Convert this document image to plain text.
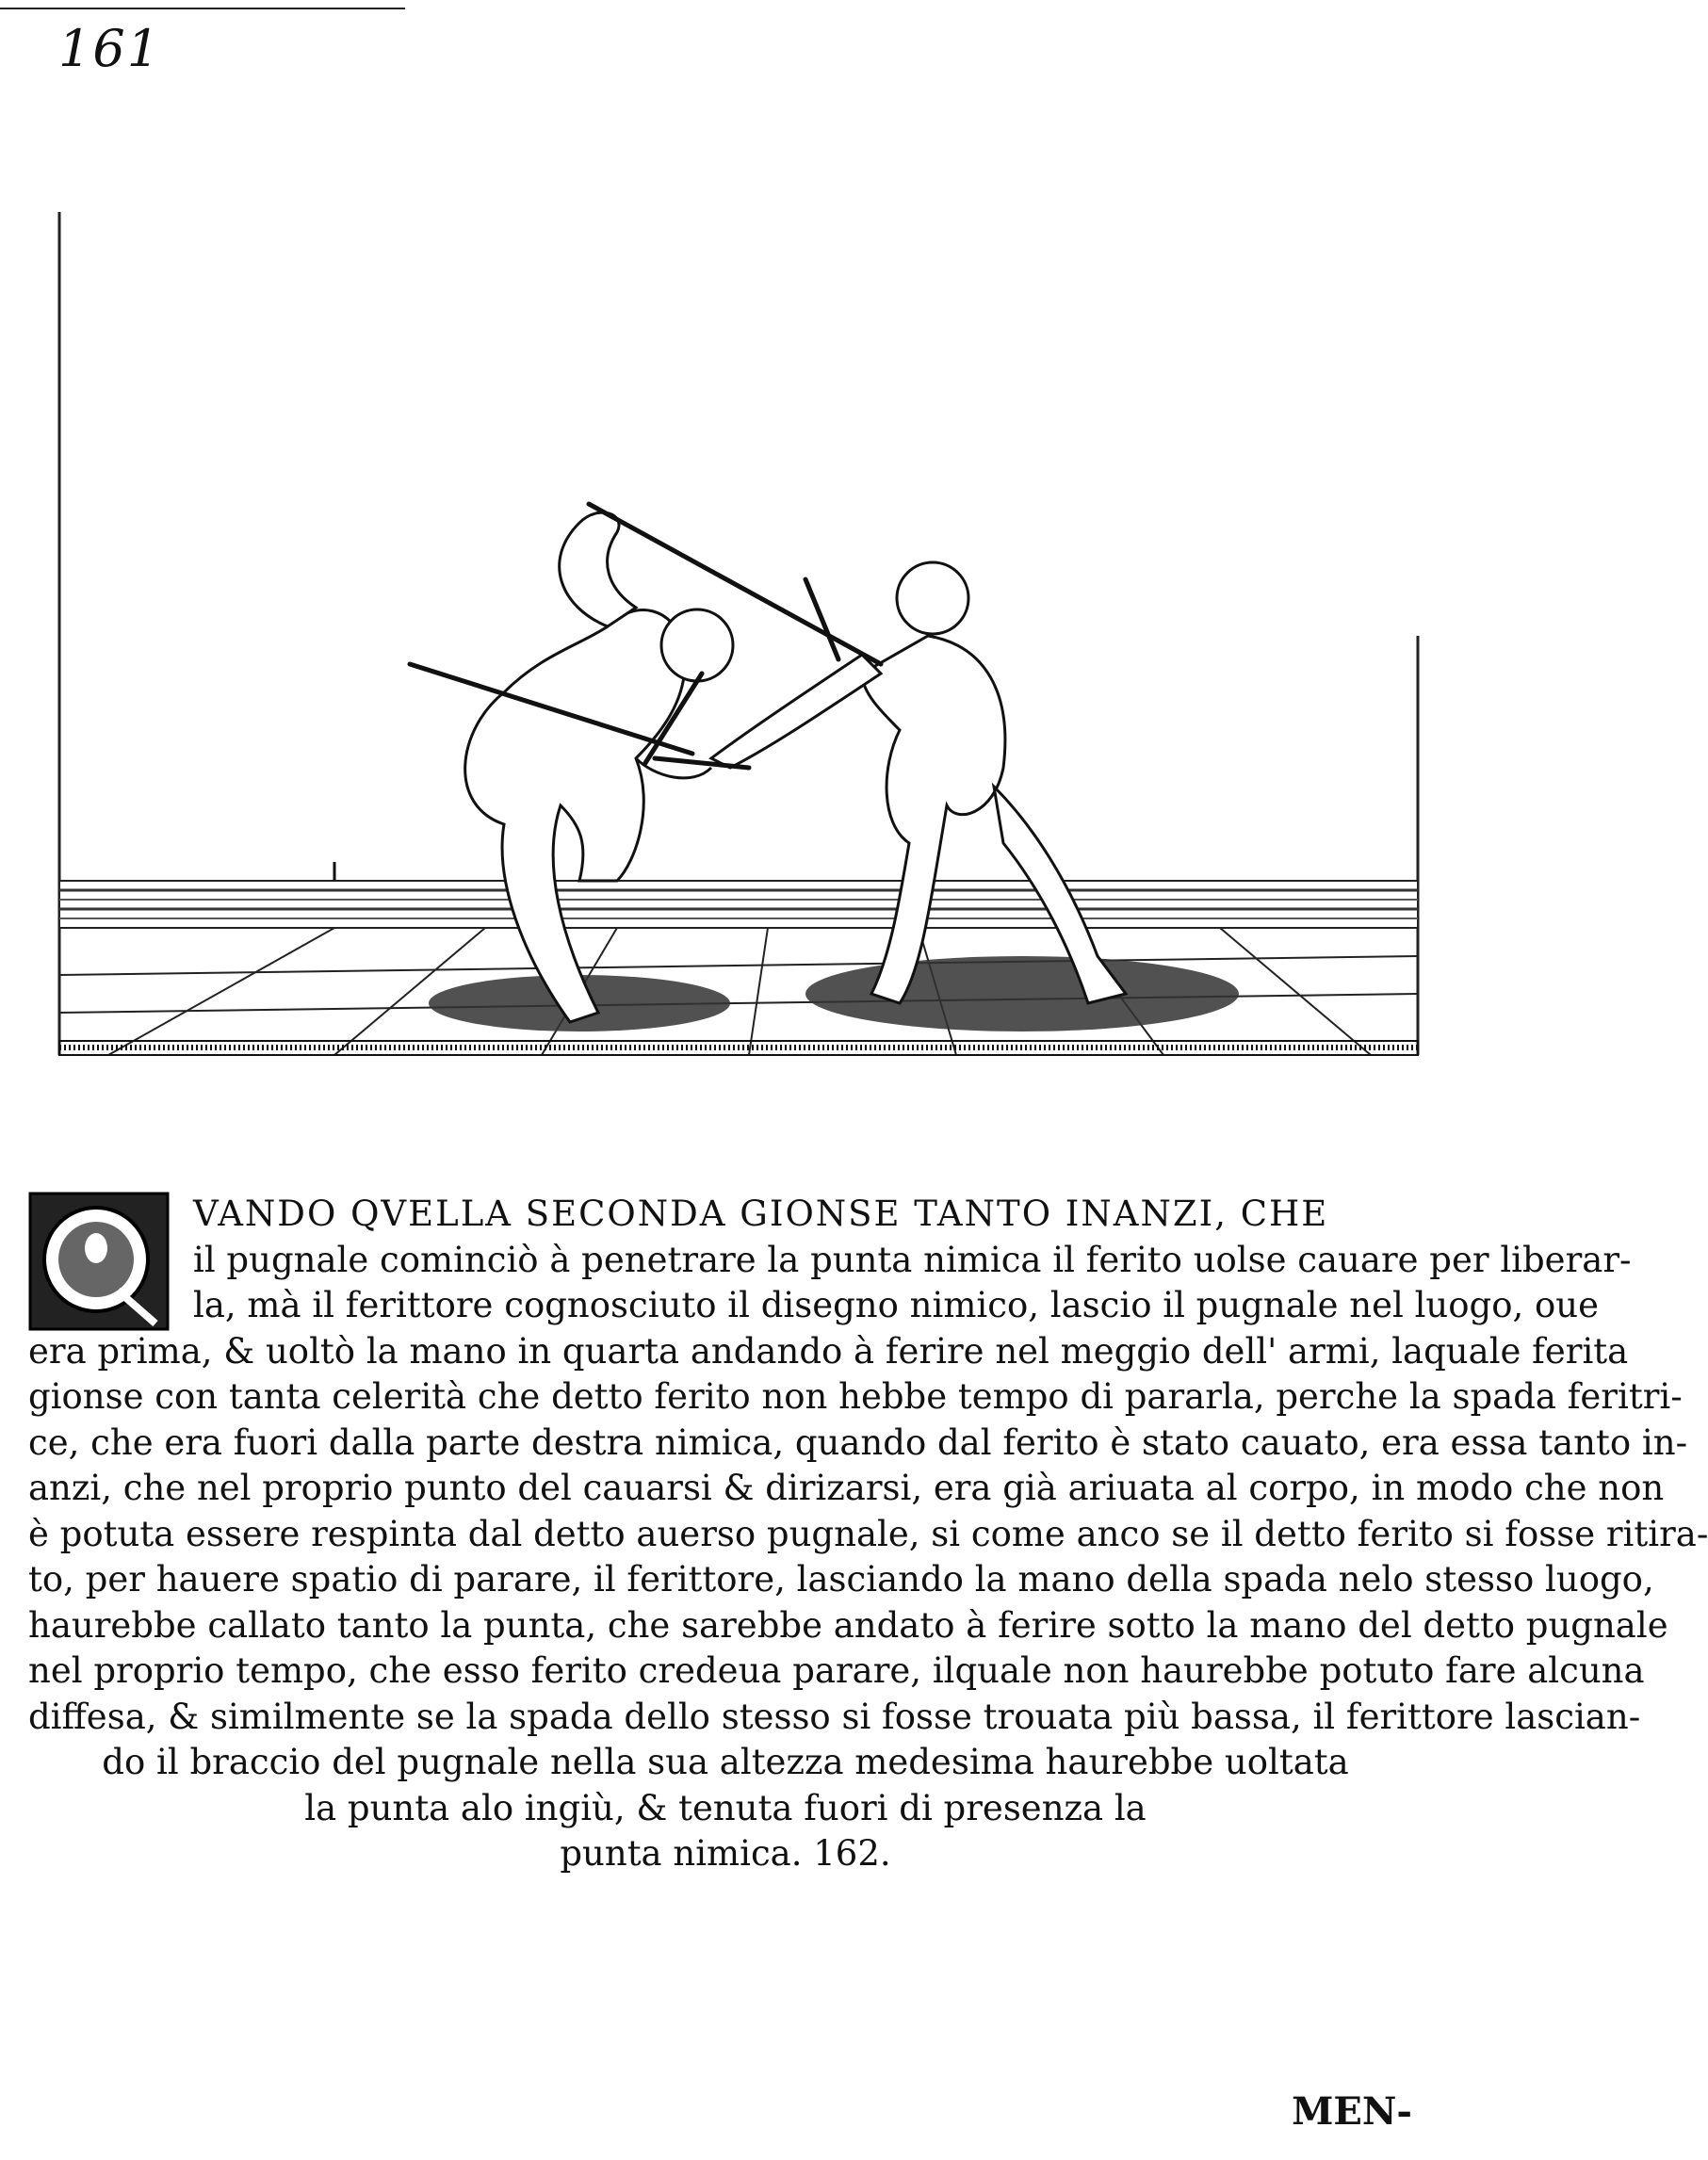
161
VANDO QVELLA SECONDA GIONSE TANTO INANZI, CHE
il pugnale cominciò à penetrare la punta nimica il ferito uolse cauare per liberar-
la, mà il ferittore cognosciuto il disegno nimico, lascio il pugnale nel luogo, oue
era prima, & uoltò la mano in quarta andando à ferire nel meggio dell' armi, laquale ferita
gionse con tanta celerità che detto ferito non hebbe tempo di pararla, perche la spada feritri-
ce, che era fuori dalla parte destra nimica, quando dal ferito è stato cauato, era essa tanto in-
anzi, che nel proprio punto del cauarsi & dirizarsi, era già ariuata al corpo, in modo che non
è potuta essere respinta dal detto auerso pugnale, si come anco se il detto ferito si fosse ritira-
to, per hauere spatio di parare, il ferittore, lasciando la mano della spada nelo stesso luogo,
haurebbe callato tanto la punta, che sarebbe andato à ferire sotto la mano del detto pugnale
nel proprio tempo, che esso ferito credeua parare, ilquale non haurebbe potuto fare alcuna
diffesa, & similmente se la spada dello stesso si fosse trouata più bassa, il ferittore lascian-
do il braccio del pugnale nella sua altezza medesima haurebbe uoltata
la punta alo ingiù, & tenuta fuori di presenza la
punta nimica. 162.
MEN-
